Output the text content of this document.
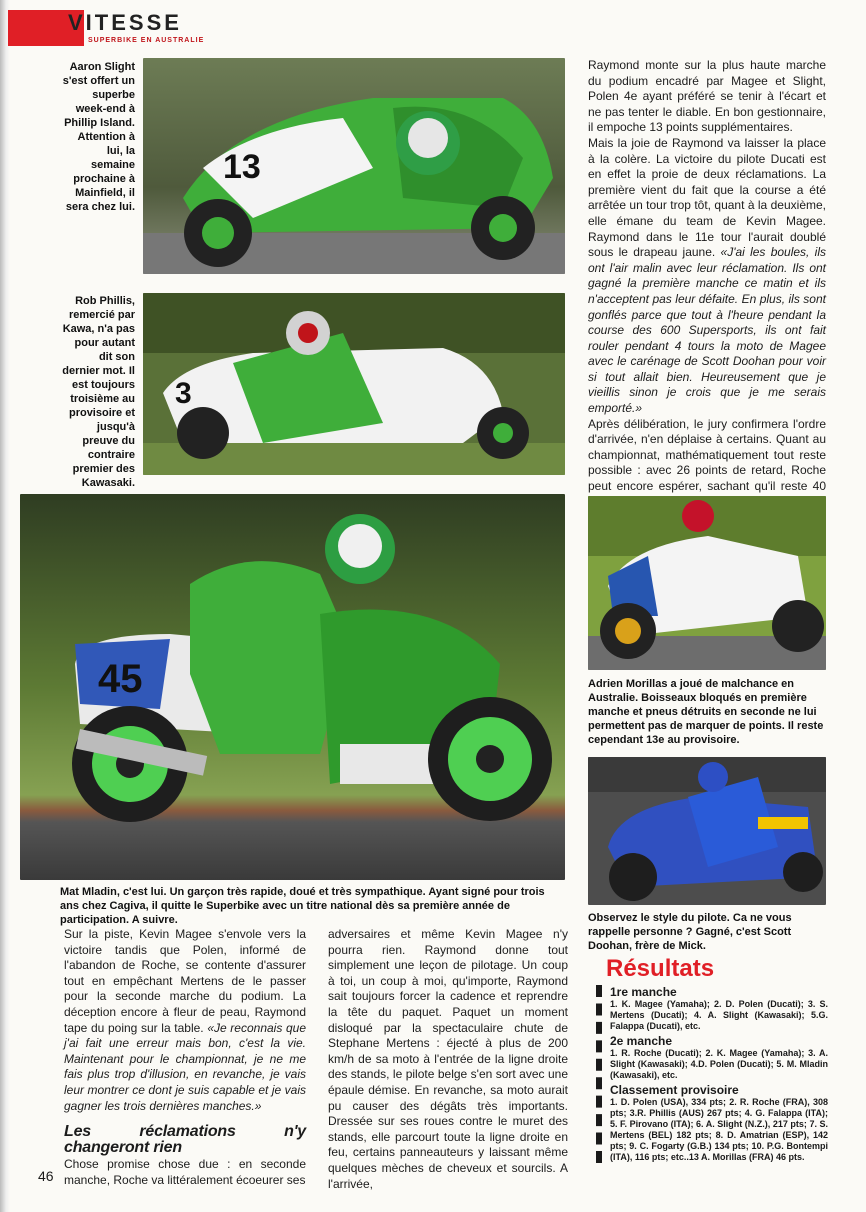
VITESSE
SUPERBIKE EN AUSTRALIE
13
Aaron Slight s'est offert un superbe week-end à Phillip Island. Attention à lui, la semaine prochaine à Mainfield, il sera chez lui.
3
Rob Phillis, remercié par Kawa, n'a pas pour autant dit son dernier mot. Il est toujours troisième au provisoire et jusqu'à preuve du contraire premier des Kawasaki.

Raymond monte sur la plus haute marche du podium encadré par Magee et Slight, Polen 4e ayant préféré se tenir à l'écart et ne pas tenter le diable. En bon gestionnaire, il empoche 13 points supplémentaires.

Mais la joie de Raymond va laisser la place à la colère. La victoire du pilote Ducati est en effet la proie de deux réclamations. La première vient du fait que la course a été arrêtée un tour trop tôt, quant à la deuxième, elle émane du team de Kevin Magee. Raymond dans le 11e tour l'aurait doublé sous le drapeau jaune. «J'ai les boules, ils ont l'air malin avec leur réclamation. Ils ont gagné la première manche ce matin et ils n'acceptent pas leur défaite. En plus, ils sont gonflés parce que tout à l'heure pendant la course des 600 Supersports, ils ont fait rouler pendant 4 tours la moto de Magee avec le carénage de Scott Doohan pour voir si tout allait bien. Heureusement que je vieillis sinon je crois que je me serais emporté.»

Après délibération, le jury confirmera l'ordre d'arrivée, n'en déplaise à certains. Quant au championnat, mathématiquement tout reste possible : avec 26 points de retard, Roche peut encore espérer, sachant qu'il reste 40

45
Mat Mladin, c'est lui. Un garçon très rapide, doué et très sympathique. Ayant signé pour trois ans chez Cagiva, il quitte le Superbike avec un titre national dès sa première année de participation. A suivre.
Adrien Morillas a joué de malchance en Australie. Boisseaux bloqués en première manche et pneus détruits en seconde ne lui permettent pas de marquer de points. Il reste cependant 13e au provisoire.
Observez le style du pilote. Ca ne vous rappelle personne ? Gagné, c'est Scott Doohan, frère de Mick.

Sur la piste, Kevin Magee s'envole vers la victoire tandis que Polen, informé de l'abandon de Roche, se contente d'assurer tout en empêchant Mertens de le passer pour la seconde marche du podium. La déception encore à fleur de peau, Raymond tape du poing sur la table. «Je reconnais que j'ai fait une erreur mais bon, c'est la vie. Maintenant pour le championnat, je ne me fais plus trop d'illusion, en revanche, je vais leur montrer ce dont je suis capable et je vais gagner les trois dernières manches.»

Les réclamations n'y changeront rien

Chose promise chose due : en seconde manche, Roche va littéralement écoeurer ses

adversaires et même Kevin Magee n'y pourra rien. Raymond donne tout simplement une leçon de pilotage. Un coup à toi, un coup à moi, qu'importe, Raymond sait toujours forcer la cadence et reprendre la tête du paquet. Paquet un moment disloqué par la spectaculaire chute de Stephane Mertens : éjecté à plus de 200 km/h de sa moto à l'entrée de la ligne droite des stands, le pilote belge s'en sort avec une épaule démise. En revanche, sa moto aurait pu causer des dégâts très importants. Dressée sur ses roues contre le muret des stands, elle parcourt toute la ligne droite en feu, certains panneauteurs y laissant même quelques mèches de cheveux et sourcils. A l'arrivée,

Résultats
1re manche
1. K. Magee (Yamaha); 2. D. Polen (Ducati); 3. S. Mertens (Ducati); 4. A. Slight (Kawasaki); 5.G. Falappa (Ducati), etc.
2e manche
1. R. Roche (Ducati); 2. K. Magee (Yamaha); 3. A. Slight (Kawasaki); 4.D. Polen (Ducati); 5. M. Mladin (Kawasaki), etc.
Classement provisoire
1. D. Polen (USA), 334 pts; 2. R. Roche (FRA), 308 pts; 3.R. Phillis (AUS) 267 pts; 4. G. Falappa (ITA); 5. F. Pirovano (ITA); 6. A. Slight (N.Z.), 217 pts; 7. S. Mertens (BEL) 182 pts; 8. D. Amatrian (ESP), 142 pts; 9. C. Fogarty (G.B.) 134 pts; 10. P.G. Bontempi (ITA), 116 pts; etc..13 A. Morillas (FRA) 46 pts.
46
